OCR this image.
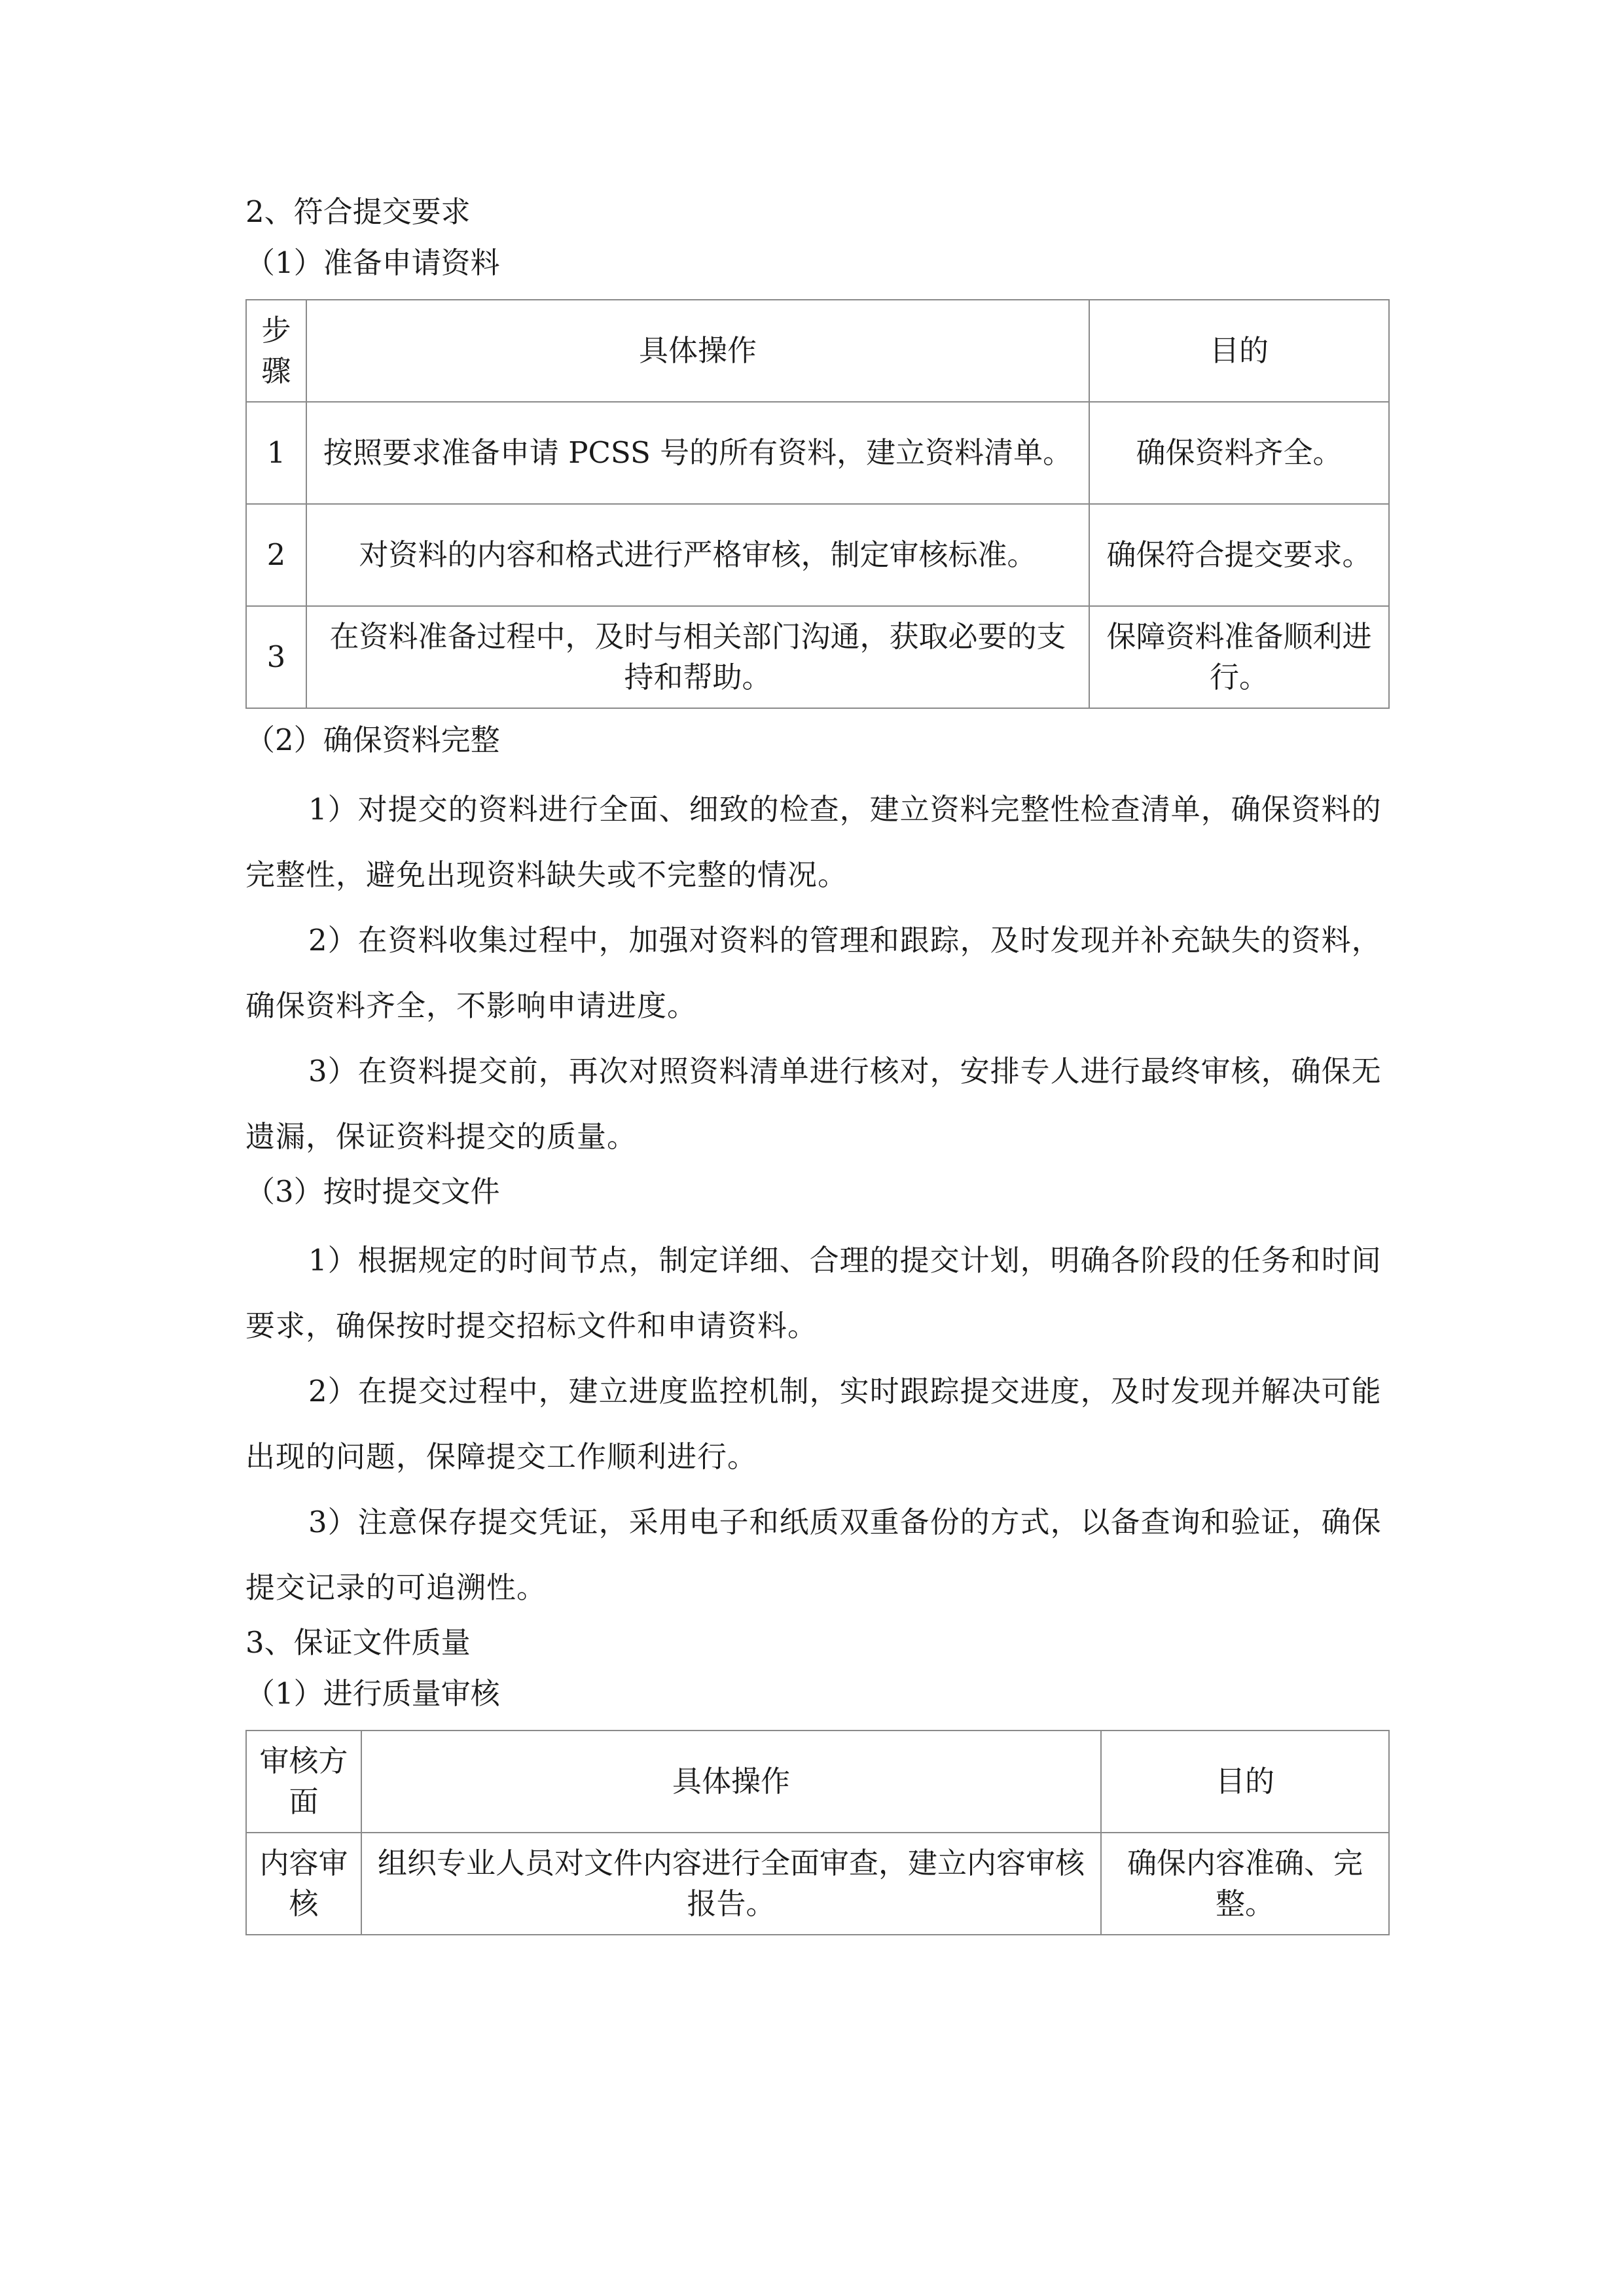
2、符合提交要求

（1）准备申请资料

步骤	具体操作	目的
1	按照要求准备申请 PCSS 号的所有资料，建立资料清单。	确保资料齐全。
2	对资料的内容和格式进行严格审核，制定审核标准。	确保符合提交要求。
3	在资料准备过程中，及时与相关部门沟通，获取必要的支持和帮助。	保障资料准备顺利进行。

（2）确保资料完整

1）对提交的资料进行全面、细致的检查，建立资料完整性检查清单，确保资料的完整性，避免出现资料缺失或不完整的情况。

2）在资料收集过程中，加强对资料的管理和跟踪，及时发现并补充缺失的资料，确保资料齐全，不影响申请进度。

3）在资料提交前，再次对照资料清单进行核对，安排专人进行最终审核，确保无遗漏，保证资料提交的质量。

（3）按时提交文件

1）根据规定的时间节点，制定详细、合理的提交计划，明确各阶段的任务和时间要求，确保按时提交招标文件和申请资料。

2）在提交过程中，建立进度监控机制，实时跟踪提交进度，及时发现并解决可能出现的问题，保障提交工作顺利进行。

3）注意保存提交凭证，采用电子和纸质双重备份的方式，以备查询和验证，确保提交记录的可追溯性。

3、保证文件质量

（1）进行质量审核

审核方面	具体操作	目的
内容审核	组织专业人员对文件内容进行全面审查，建立内容审核报告。	确保内容准确、完整。
